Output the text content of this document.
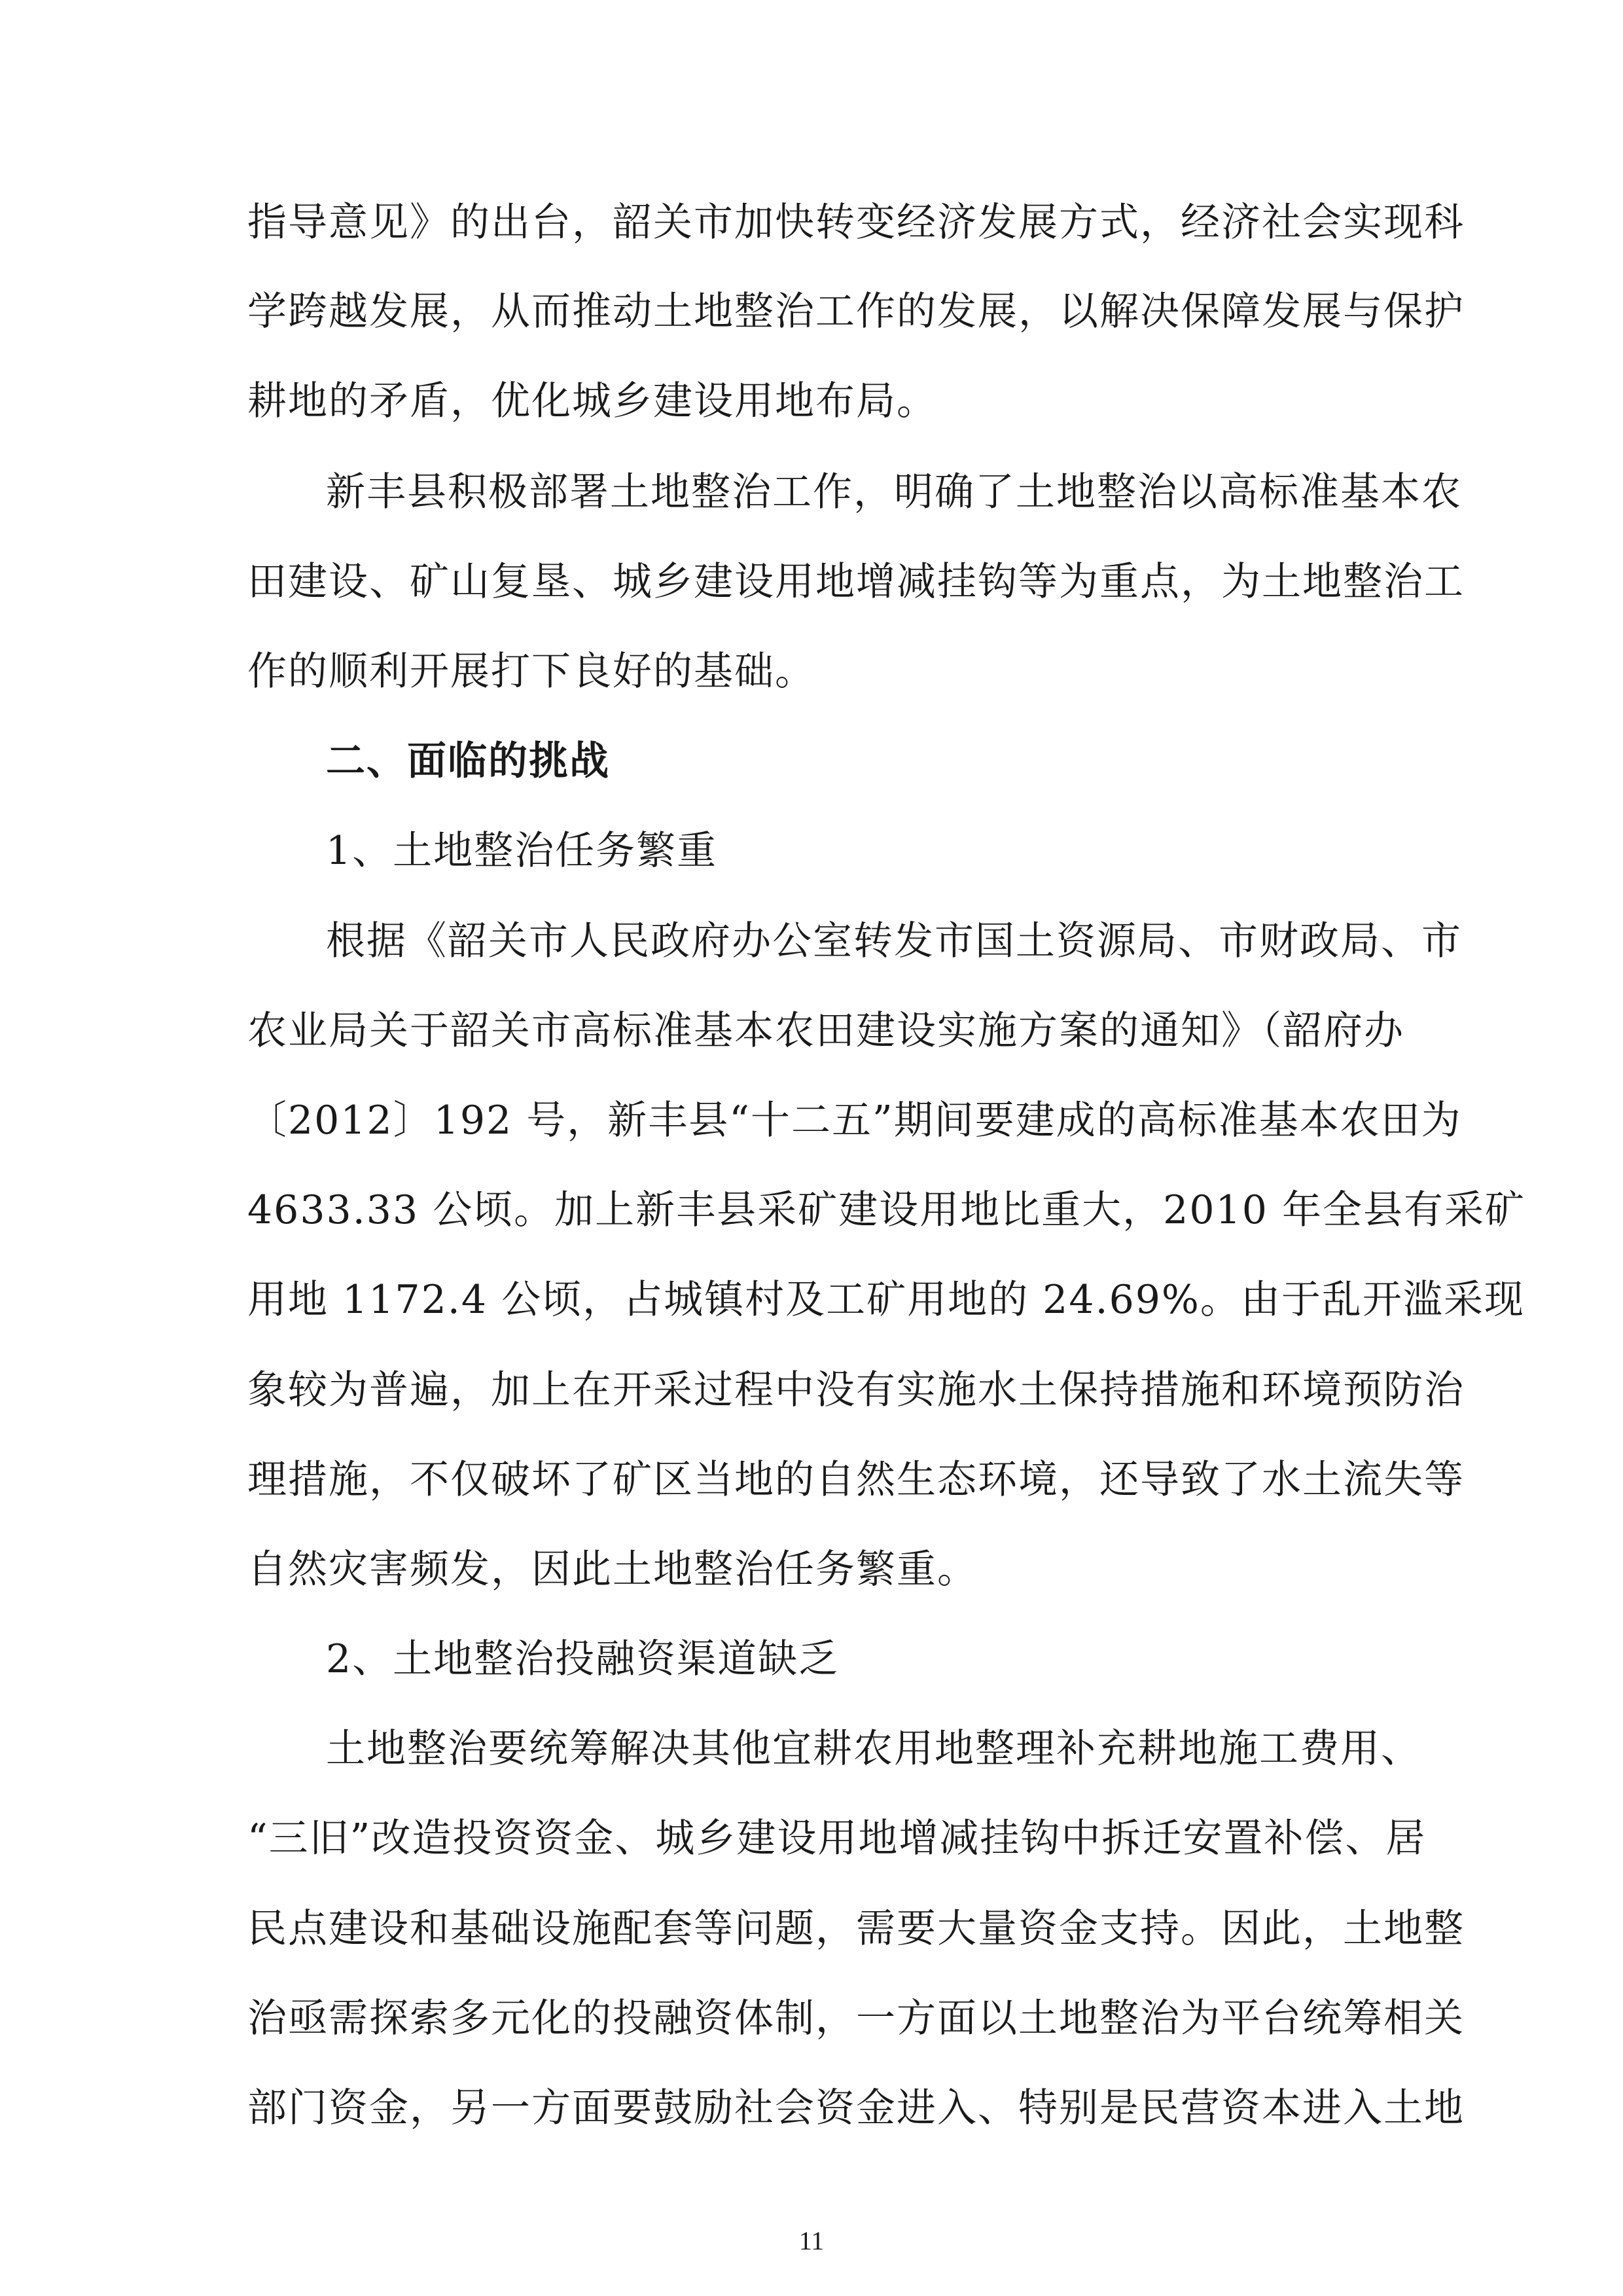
指导意见》的出台，韶关市加快转变经济发展方式，经济社会实现科
学跨越发展，从而推动土地整治工作的发展，以解决保障发展与保护
耕地的矛盾，优化城乡建设用地布局。
新丰县积极部署土地整治工作，明确了土地整治以高标准基本农
田建设、矿山复垦、城乡建设用地增减挂钩等为重点，为土地整治工
作的顺利开展打下良好的基础。
二、面临的挑战
1、土地整治任务繁重
根据《韶关市人民政府办公室转发市国土资源局、市财政局、市
农业局关于韶关市高标准基本农田建设实施方案的通知》（韶府办
〔2012〕192 号，新丰县“十二五”期间要建成的高标准基本农田为
4633.33 公顷。加上新丰县采矿建设用地比重大，2010 年全县有采矿
用地 1172.4 公顷，占城镇村及工矿用地的 24.69%。由于乱开滥采现
象较为普遍，加上在开采过程中没有实施水土保持措施和环境预防治
理措施，不仅破坏了矿区当地的自然生态环境，还导致了水土流失等
自然灾害频发，因此土地整治任务繁重。
2、土地整治投融资渠道缺乏
土地整治要统筹解决其他宜耕农用地整理补充耕地施工费用、
“三旧”改造投资资金、城乡建设用地增减挂钩中拆迁安置补偿、居
民点建设和基础设施配套等问题，需要大量资金支持。因此，土地整
治亟需探索多元化的投融资体制，一方面以土地整治为平台统筹相关
部门资金，另一方面要鼓励社会资金进入、特别是民营资本进入土地
11
